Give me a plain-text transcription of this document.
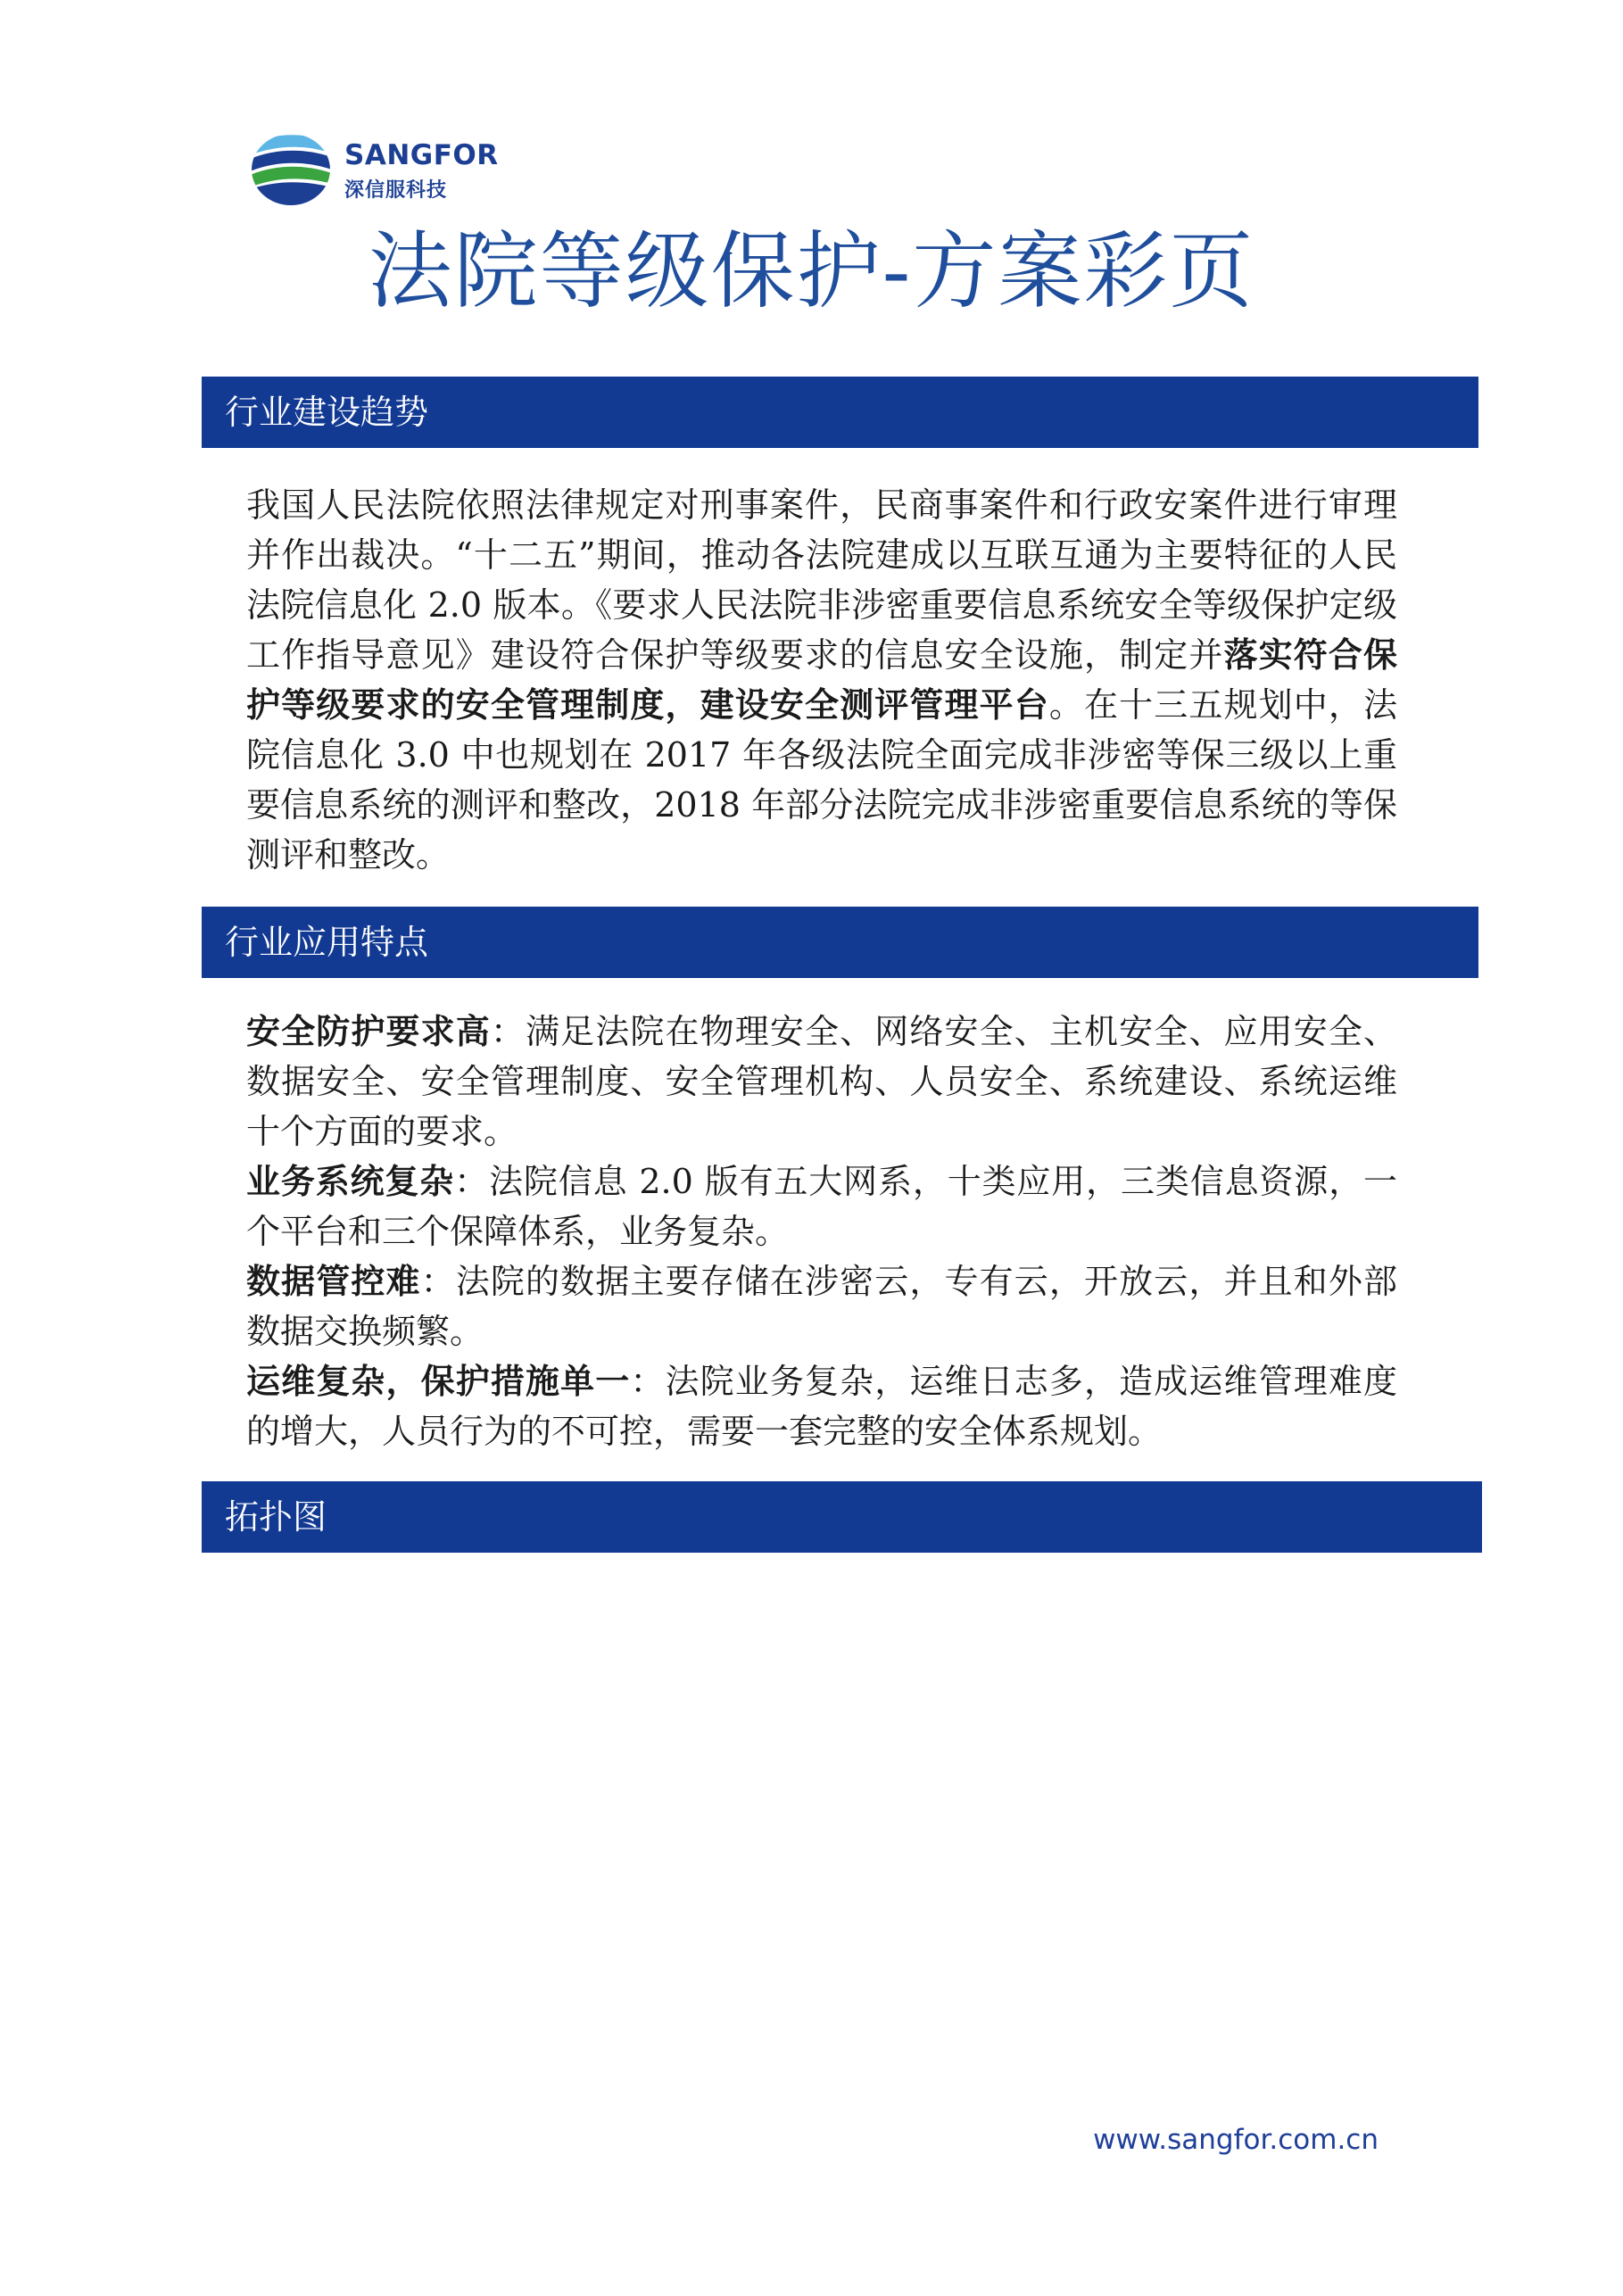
SANGFOR
深信服科技
法院等级保护-方案彩页
行业建设趋势
我国人民法院依照法律规定对刑事案件，民商事案件和行政安案件进行审理并作出裁决。“十二五”期间，推动各法院建成以互联互通为主要特征的人民法院信息化 2.0 版本。《要求人民法院非涉密重要信息系统安全等级保护定级工作指导意见》建设符合保护等级要求的信息安全设施，制定并落实符合保护等级要求的安全管理制度，建设安全测评管理平台。在十三五规划中，法院信息化 3.0 中也规划在 2017 年各级法院全面完成非涉密等保三级以上重要信息系统的测评和整改，2018 年部分法院完成非涉密重要信息系统的等保测评和整改。
行业应用特点

安全防护要求高：满足法院在物理安全、网络安全、主机安全、应用安全、数据安全、安全管理制度、安全管理机构、人员安全、系统建设、系统运维十个方面的要求。

业务系统复杂：法院信息 2.0 版有五大网系，十类应用，三类信息资源，一个平台和三个保障体系，业务复杂。

数据管控难：法院的数据主要存储在涉密云，专有云，开放云，并且和外部数据交换频繁。

运维复杂，保护措施单一：法院业务复杂，运维日志多，造成运维管理难度的增大，人员行为的不可控，需要一套完整的安全体系规划。

拓扑图
www.sangfor.com.cn
